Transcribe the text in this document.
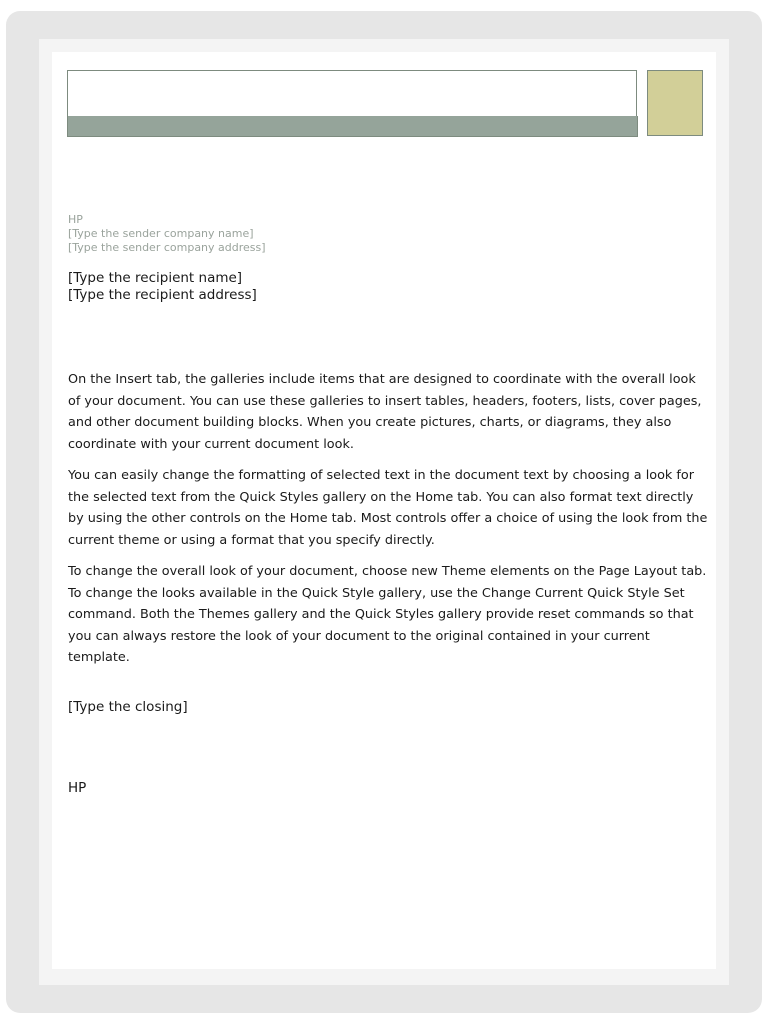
HP
[Type the sender company name]
[Type the sender company address]
[Type the recipient name]
[Type the recipient address]

On the Insert tab, the galleries include items that are designed to coordinate with the overall look of your document. You can use these galleries to insert tables, headers, footers, lists, cover pages, and other document building blocks. When you create pictures, charts, or diagrams, they also coordinate with your current document look.

You can easily change the formatting of selected text in the document text by choosing a look for the selected text from the Quick Styles gallery on the Home tab. You can also format text directly by using the other controls on the Home tab. Most controls offer a choice of using the look from the current theme or using a format that you specify directly.

To change the overall look of your document, choose new Theme elements on the Page Layout tab. To change the looks available in the Quick Style gallery, use the Change Current Quick Style Set command. Both the Themes gallery and the Quick Styles gallery provide reset commands so that you can always restore the look of your document to the original contained in your current template.

[Type the closing]
HP
